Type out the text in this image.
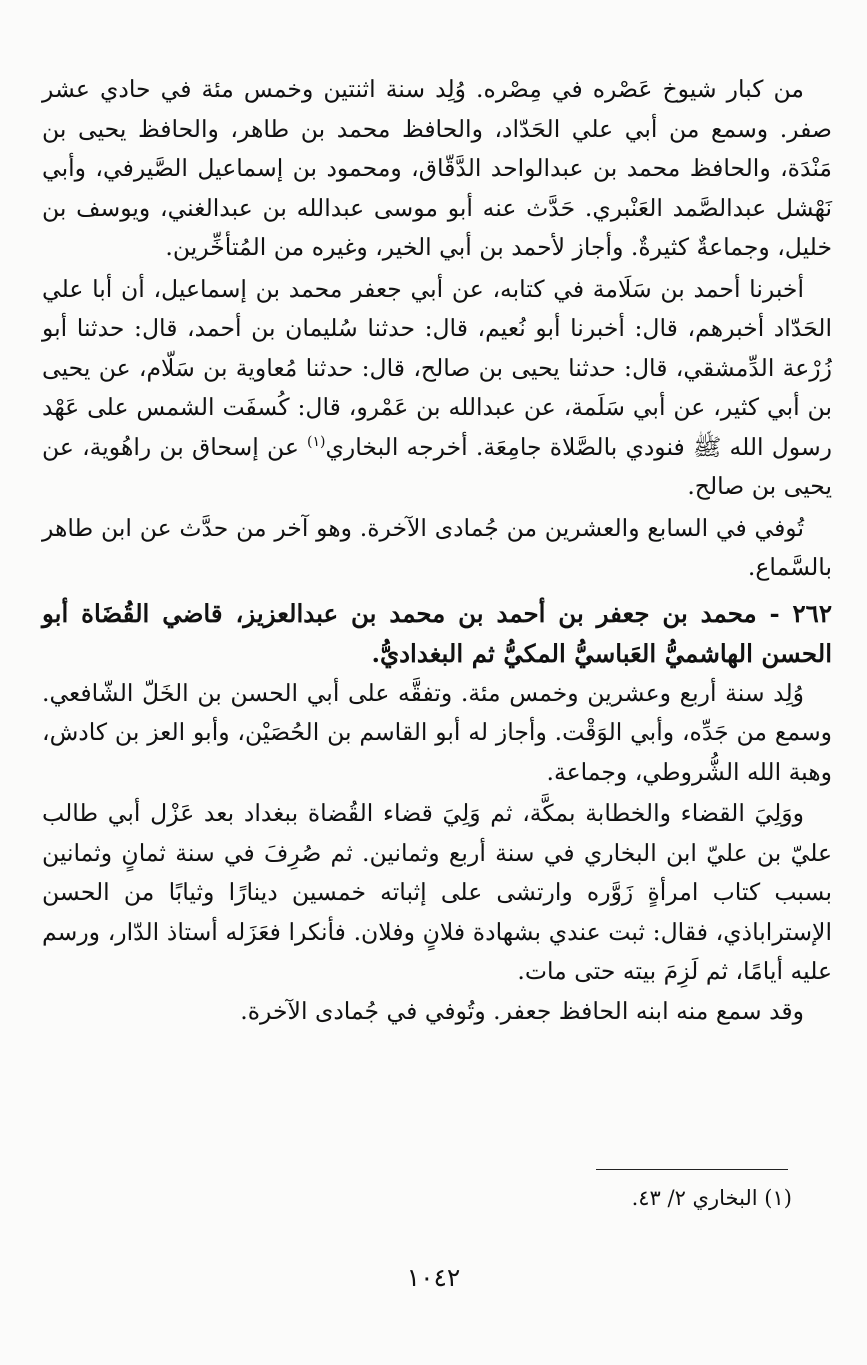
من كبار شيوخ عَصْره في مِصْره. وُلِد سنة اثنتين وخمس مئة في حادي عشر صفر. وسمع من أبي علي الحَدّاد، والحافظ محمد بن طاهر، والحافظ يحيى بن مَنْدَة، والحافظ محمد بن عبدالواحد الدَّقّاق، ومحمود بن إسماعيل الصَّيرفي، وأبي نَهْشل عبدالصَّمد العَنْبري. حَدَّث عنه أبو موسى عبدالله بن عبدالغني، ويوسف بن خليل، وجماعةٌ كثيرةٌ. وأجاز لأحمد بن أبي الخير، وغيره من المُتأخِّرين.

أخبرنا أحمد بن سَلَامة في كتابه، عن أبي جعفر محمد بن إسماعيل، أن أبا علي الحَدّاد أخبرهم، قال: أخبرنا أبو نُعيم، قال: حدثنا سُليمان بن أحمد، قال: حدثنا أبو زُرْعة الدِّمشقي، قال: حدثنا يحيى بن صالح، قال: حدثنا مُعاوية بن سَلّام، عن يحيى بن أبي كثير، عن أبي سَلَمة، عن عبدالله بن عَمْرو، قال: كُسفَت الشمس على عَهْد رسول الله ﷺ فنودي بالصَّلاة جامِعَة. أخرجه البخاري$^{(١)}$ عن إسحاق بن راهُوية، عن يحيى بن صالح.

تُوفي في السابع والعشرين من جُمادى الآخرة. وهو آخر من حدَّث عن ابن طاهر بالسَّماع.

٢٦٢ - محمد بن جعفر بن أحمد بن محمد بن عبدالعزيز، قاضي القُضَاة أبو الحسن الهاشميُّ العَباسيُّ المكيُّ ثم البغداديُّ.

وُلِد سنة أربع وعشرين وخمس مئة. وتفقَّه على أبي الحسن بن الخَلّ الشّافعي. وسمع من جَدِّه، وأبي الوَقْت. وأجاز له أبو القاسم بن الحُصَيْن، وأبو العز بن كادش، وهبة الله الشُّروطي، وجماعة.

ووَلِيَ القضاء والخطابة بمكَّة، ثم وَلِيَ قضاء القُضاة ببغداد بعد عَزْل أبي طالب عليّ بن عليّ ابن البخاري في سنة أربع وثمانين. ثم صُرِفَ في سنة ثمانٍ وثمانين بسبب كتاب امرأةٍ زَوَّره وارتشى على إثباته خمسين دينارًا وثيابًا من الحسن الإستراباذي، فقال: ثبت عندي بشهادة فلانٍ وفلان. فأنكرا فعَزَله أستاذ الدّار، ورسم عليه أيامًا، ثم لَزِمَ بيته حتى مات.

وقد سمع منه ابنه الحافظ جعفر. وتُوفي في جُمادى الآخرة.

(١) البخاري ٢/ ٤٣.
١٠٤٢
